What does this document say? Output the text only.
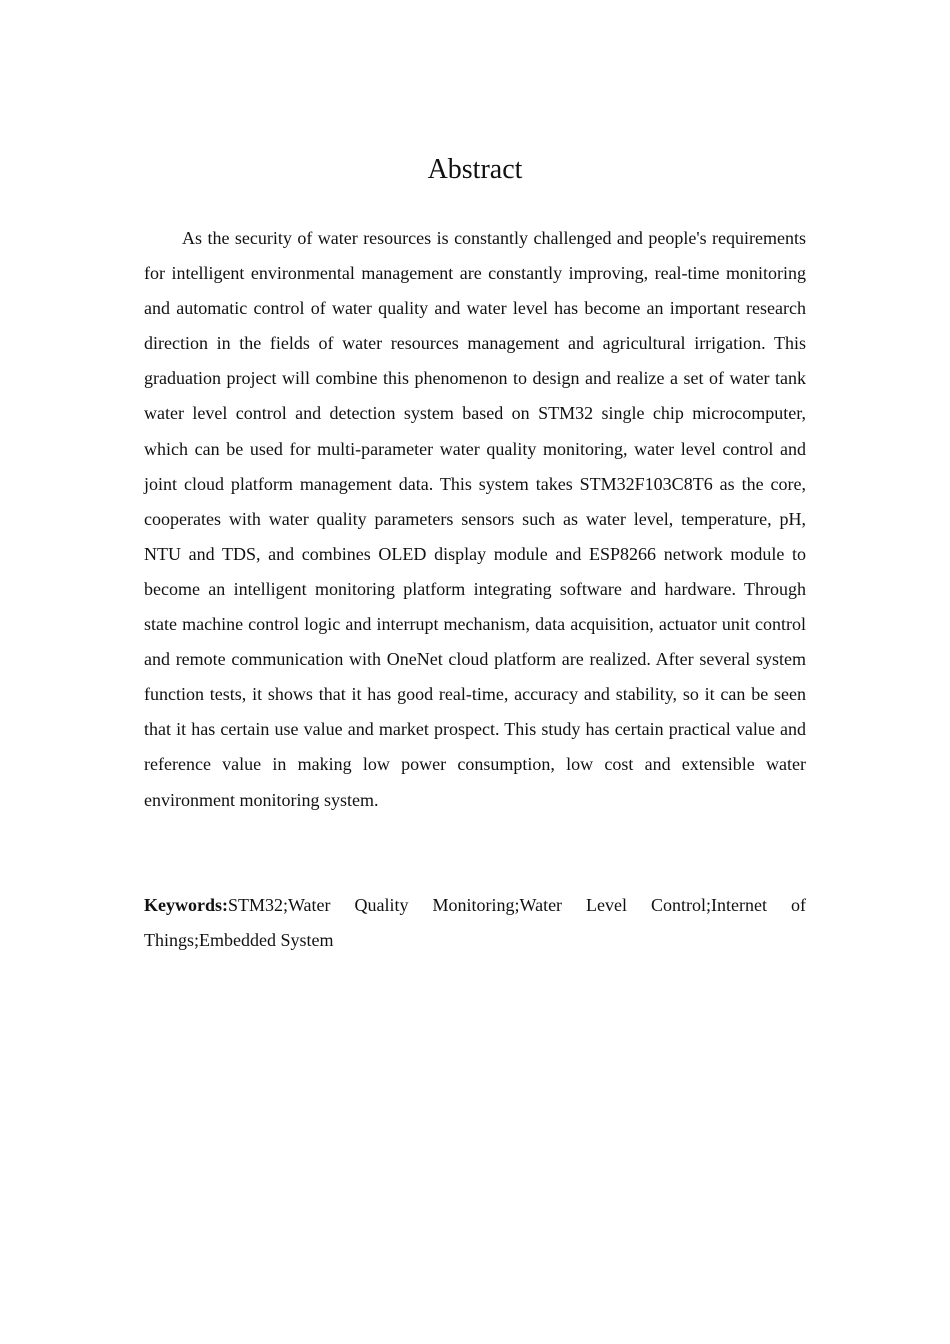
Abstract

As the security of water resources is constantly challenged and people's requirements for intelligent environmental management are constantly improving, real-time monitoring and automatic control of water quality and water level has become an important research direction in the fields of water resources management and agricultural irrigation. This graduation project will combine this phenomenon to design and realize a set of water tank water level control and detection system based on STM32 single chip microcomputer, which can be used for multi-parameter water quality monitoring, water level control and joint cloud platform management data. This system takes STM32F103C8T6 as the core, cooperates with water quality parameters sensors such as water level, temperature, pH, NTU and TDS, and combines OLED display module and ESP8266 network module to become an intelligent monitoring platform integrating software and hardware. Through state machine control logic and interrupt mechanism, data acquisition, actuator unit control and remote communication with OneNet cloud platform are realized. After several system function tests, it shows that it has good real-time, accuracy and stability, so it can be seen that it has certain use value and market prospect. This study has certain practical value and reference value in making low power consumption, low cost and extensible water environment monitoring system.

Keywords:STM32;Water Quality Monitoring;Water Level Control;Internet of Things;Embedded System
